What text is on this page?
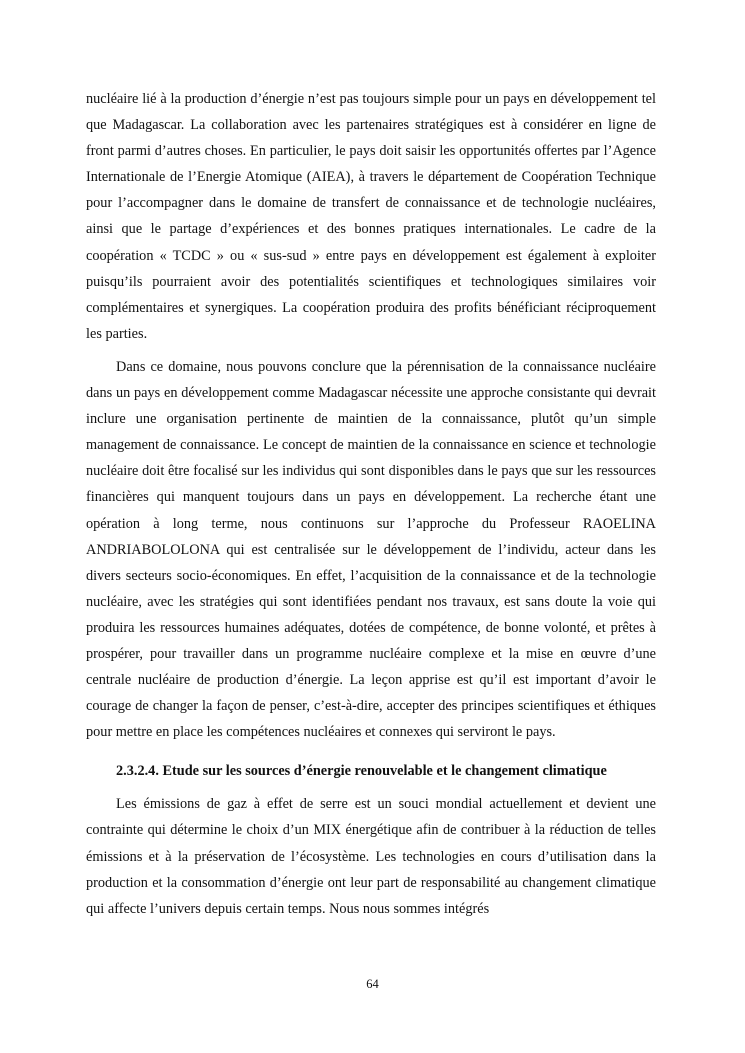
nucléaire lié à la production d’énergie n’est pas toujours simple pour un pays en développement tel que Madagascar. La collaboration avec les partenaires stratégiques est à considérer en ligne de front parmi d’autres choses. En particulier, le pays doit saisir les opportunités offertes par l’Agence Internationale de l’Energie Atomique (AIEA), à travers le département de Coopération Technique pour l’accompagner dans le domaine de transfert de connaissance et de technologie nucléaires, ainsi que le partage d’expériences et des bonnes pratiques internationales. Le cadre de la coopération « TCDC » ou « sus-sud » entre pays en développement est également à exploiter puisqu’ils pourraient avoir des potentialités scientifiques et technologiques similaires voir complémentaires et synergiques. La coopération produira des profits bénéficiant réciproquement les parties.

Dans ce domaine, nous pouvons conclure que la pérennisation de la connaissance nucléaire dans un pays en développement comme Madagascar nécessite une approche consistante qui devrait inclure une organisation pertinente de maintien de la connaissance, plutôt qu’un simple management de connaissance. Le concept de maintien de la connaissance en science et technologie nucléaire doit être focalisé sur les individus qui sont disponibles dans le pays que sur les ressources financières qui manquent toujours dans un pays en développement. La recherche étant une opération à long terme, nous continuons sur l’approche du Professeur RAOELINA ANDRIABOLOLONA qui est centralisée sur le développement de l’individu, acteur dans les divers secteurs socio-économiques. En effet, l’acquisition de la connaissance et de la technologie nucléaire, avec les stratégies qui sont identifiées pendant nos travaux, est sans doute la voie qui produira les ressources humaines adéquates, dotées de compétence, de bonne volonté, et prêtes à prospérer, pour travailler dans un programme nucléaire complexe et la mise en œuvre d’une centrale nucléaire de production d’énergie. La leçon apprise est qu’il est important d’avoir le courage de changer la façon de penser, c’est-à-dire, accepter des principes scientifiques et éthiques pour mettre en place les compétences nucléaires et connexes qui serviront le pays.

2.3.2.4. Etude sur les sources d’énergie renouvelable et le changement climatique

Les émissions de gaz à effet de serre est un souci mondial actuellement et devient une contrainte qui détermine le choix d’un MIX énergétique afin de contribuer à la réduction de telles émissions et à la préservation de l’écosystème. Les technologies en cours d’utilisation dans la production et la consommation d’énergie ont leur part de responsabilité au changement climatique qui affecte l’univers depuis certain temps. Nous nous sommes intégrés

64
